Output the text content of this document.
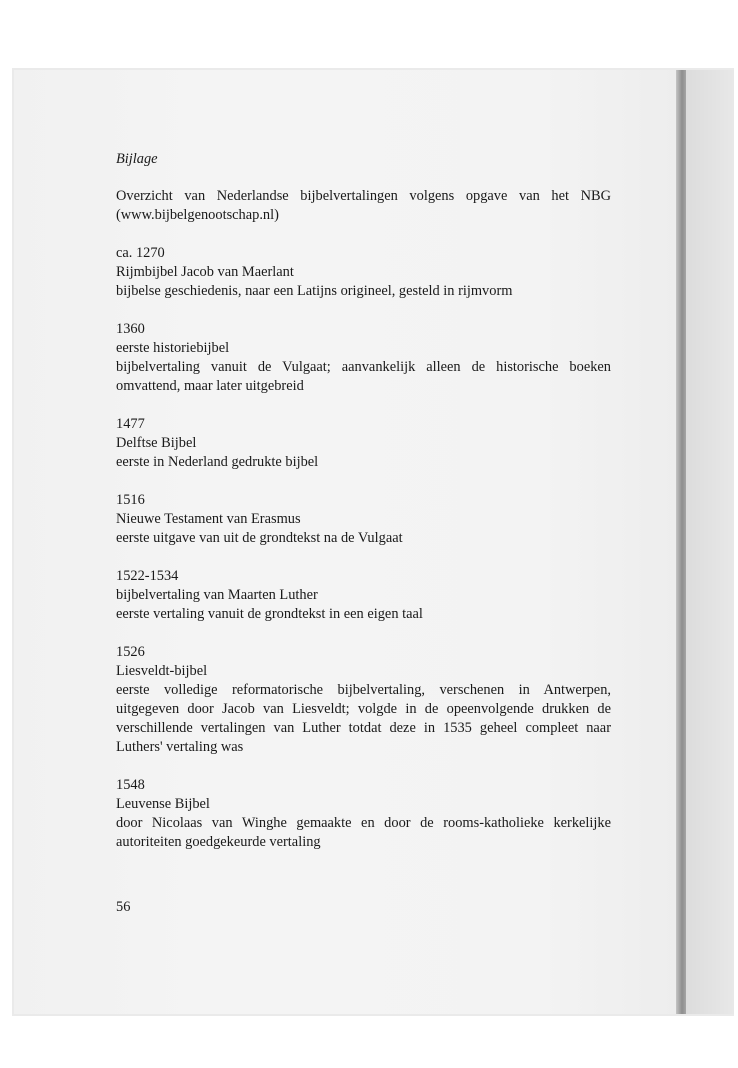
Bijlage
Overzicht van Nederlandse bijbelvertalingen volgens opgave van het NBG (www.bijbelgenootschap.nl)
ca. 1270
Rijmbijbel Jacob van Maerlant
bijbelse geschiedenis, naar een Latijns origineel, gesteld in rijmvorm
1360
eerste historiebijbel
bijbelvertaling vanuit de Vulgaat; aanvankelijk alleen de historische boeken omvattend, maar later uitgebreid
1477
Delftse Bijbel
eerste in Nederland gedrukte bijbel
1516
Nieuwe Testament van Erasmus
eerste uitgave van uit de grondtekst na de Vulgaat
1522-1534
bijbelvertaling van Maarten Luther
eerste vertaling vanuit de grondtekst in een eigen taal
1526
Liesveldt-bijbel
eerste volledige reformatorische bijbelvertaling, verschenen in Antwerpen, uitgegeven door Jacob van Liesveldt; volgde in de opeenvolgende drukken de verschillende vertalingen van Luther totdat deze in 1535 geheel compleet naar Luthers' vertaling was
1548
Leuvense Bijbel
door Nicolaas van Winghe gemaakte en door de rooms-katholieke kerkelijke autoriteiten goedgekeurde vertaling
56
